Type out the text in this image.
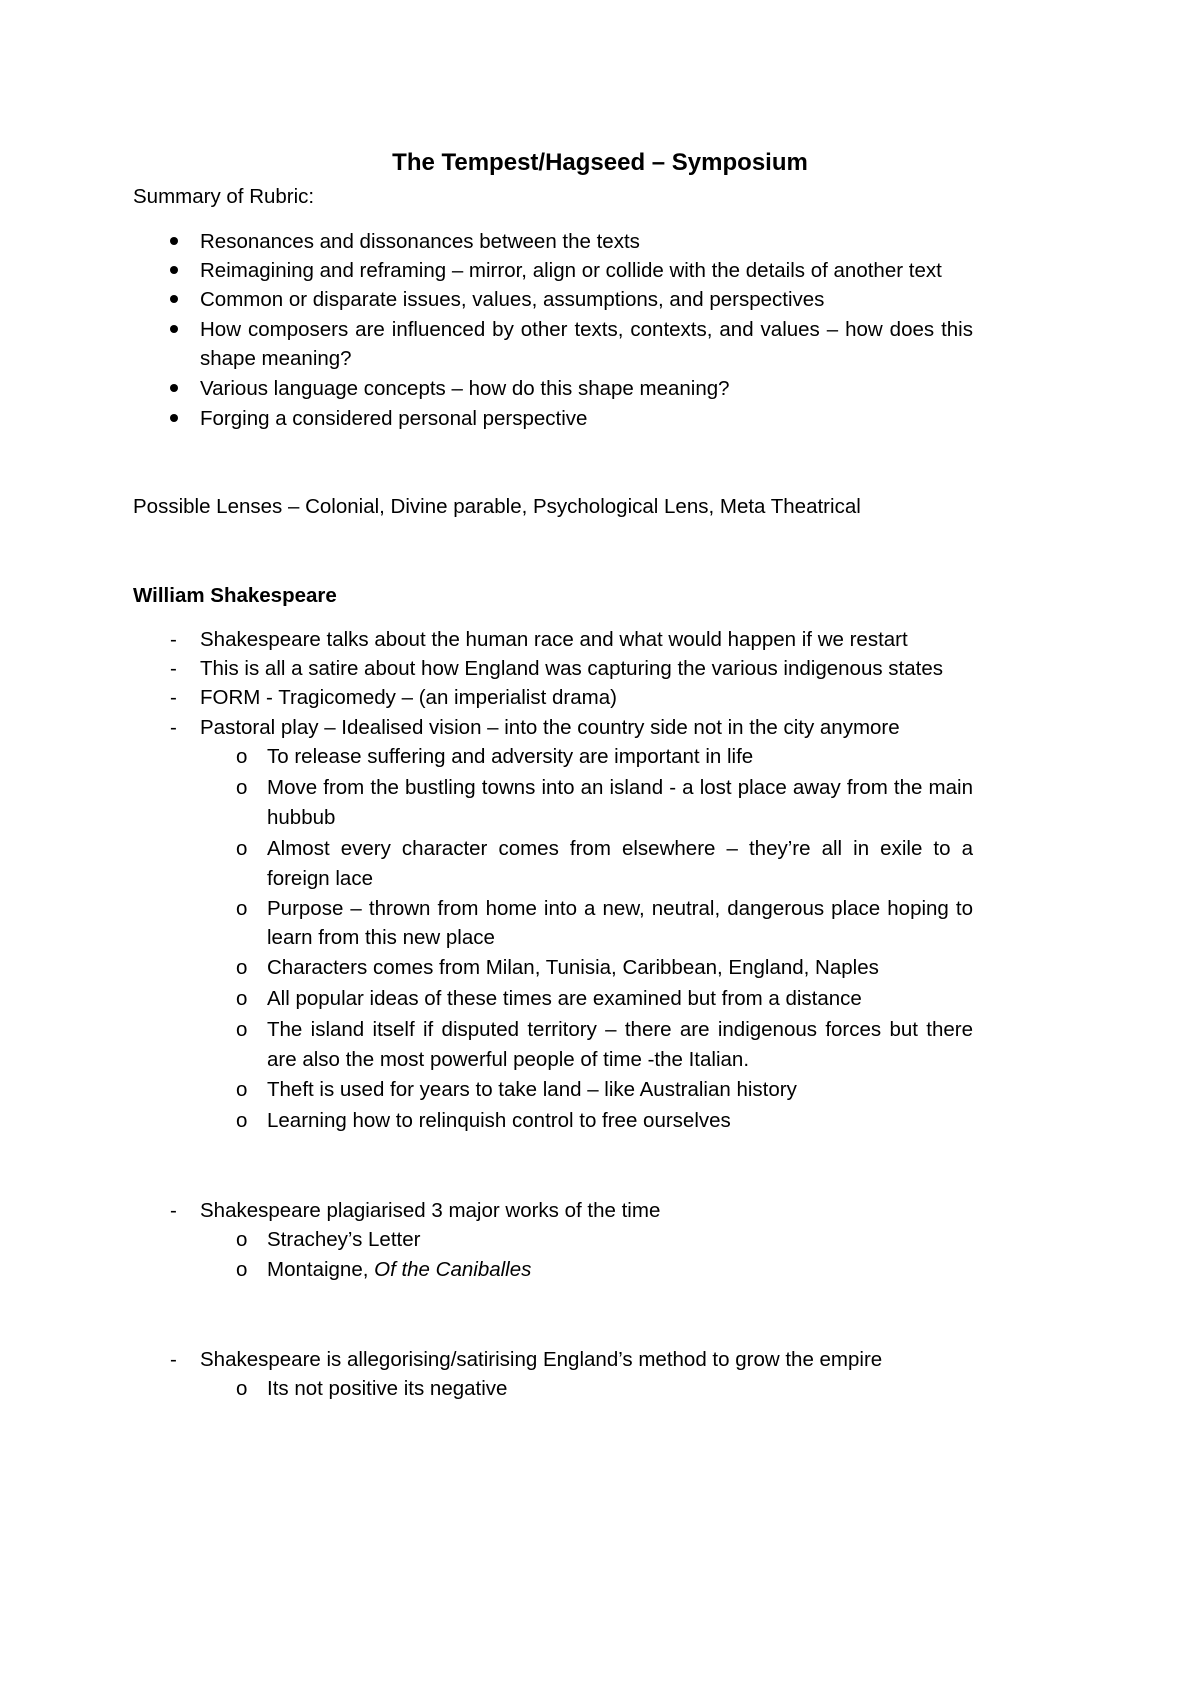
The Tempest/Hagseed – Symposium
Summary of Rubric:
Resonances and dissonances between the texts
Reimagining and reframing – mirror, align or collide with the details of another text
Common or disparate issues, values, assumptions, and perspectives
How composers are influenced by other texts, contexts, and values – how does this
shape meaning?
Various language concepts – how do this shape meaning?
Forging a considered personal perspective
Possible Lenses – Colonial, Divine parable, Psychological Lens, Meta Theatrical
William Shakespeare
- Shakespeare talks about the human race and what would happen if we restart
- This is all a satire about how England was capturing the various indigenous states
- FORM - Tragicomedy – (an imperialist drama)
- Pastoral play – Idealised vision – into the country side not in the city anymore
o To release suffering and adversity are important in life
o Move from the bustling towns into an island - a lost place away from the main
hubbub
o Almost every character comes from elsewhere – they’re all in exile to a
foreign lace
o Purpose – thrown from home into a new, neutral, dangerous place hoping to
learn from this new place
o Characters comes from Milan, Tunisia, Caribbean, England, Naples
o All popular ideas of these times are examined but from a distance
o The island itself if disputed territory – there are indigenous forces but there
are also the most powerful people of time -the Italian.
o Theft is used for years to take land – like Australian history
o Learning how to relinquish control to free ourselves
- Shakespeare plagiarised 3 major works of the time
o Strachey’s Letter
o Montaigne, Of the Caniballes
- Shakespeare is allegorising/satirising England’s method to grow the empire
o Its not positive its negative
